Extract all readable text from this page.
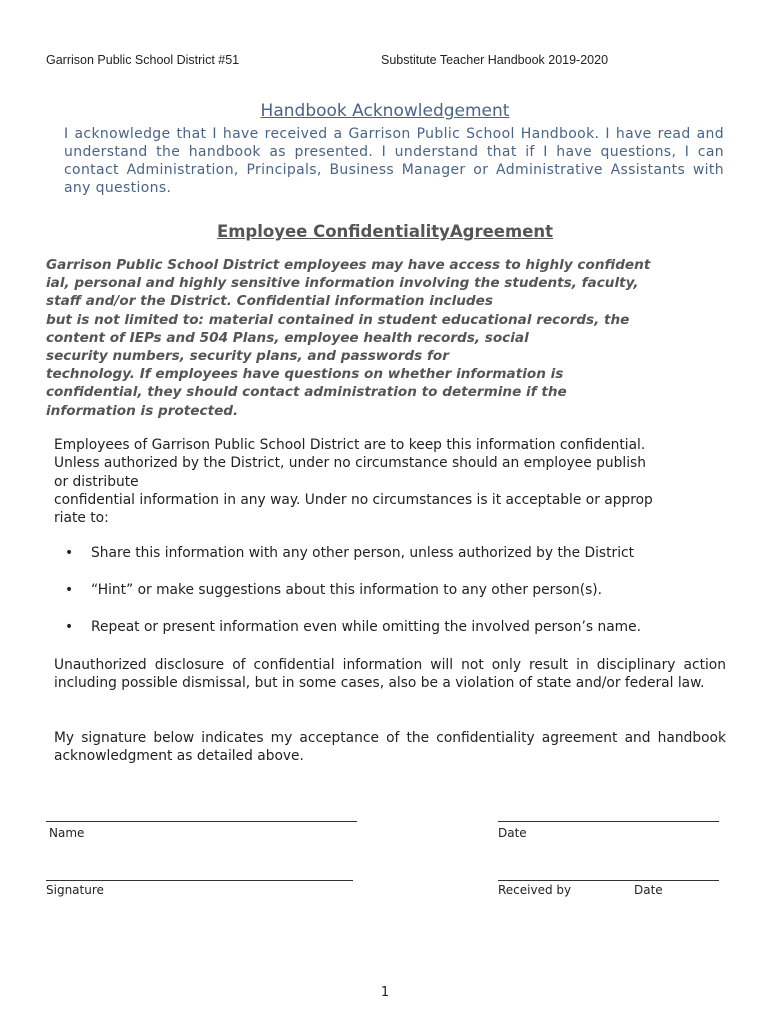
Garrison Public School District #51	Substitute Teacher Handbook 2019-2020
Handbook Acknowledgement

I acknowledge that I have received a Garrison Public School Handbook. I have read and understand the handbook as presented. I understand that if I have questions, I can contact Administration, Principals, Business Manager or Administrative Assistants with any questions.

Employee ConfidentialityAgreement

Garrison Public School District employees may have access to highly confident
ial, personal and highly sensitive information involving the students, faculty,
staff and/or the District. Confidential information includes
but is not limited to: material contained in student educational records, the
content of IEPs and 504 Plans, employee health records, social
security numbers, security plans, and passwords for
technology. If employees have questions on whether information is
confidential, they should contact administration to determine if the
information is protected.

Employees of Garrison Public School District are to keep this information confidential.
Unless authorized by the District, under no circumstance should an employee publish
or distribute
confidential information in any way. Under no circumstances is it acceptable or approp
riate to:

• Share this information with any other person, unless authorized by the District
• “Hint” or make suggestions about this information to any other person(s).
• Repeat or present information even while omitting the involved person’s name.

Unauthorized disclosure of confidential information will not only result in disciplinary action including possible dismissal, but in some cases, also be a violation of state and/or federal law.

My signature below indicates my acceptance of the confidentiality agreement and handbook acknowledgment as detailed above.

Name	Date
Signature	Received by	Date
1
